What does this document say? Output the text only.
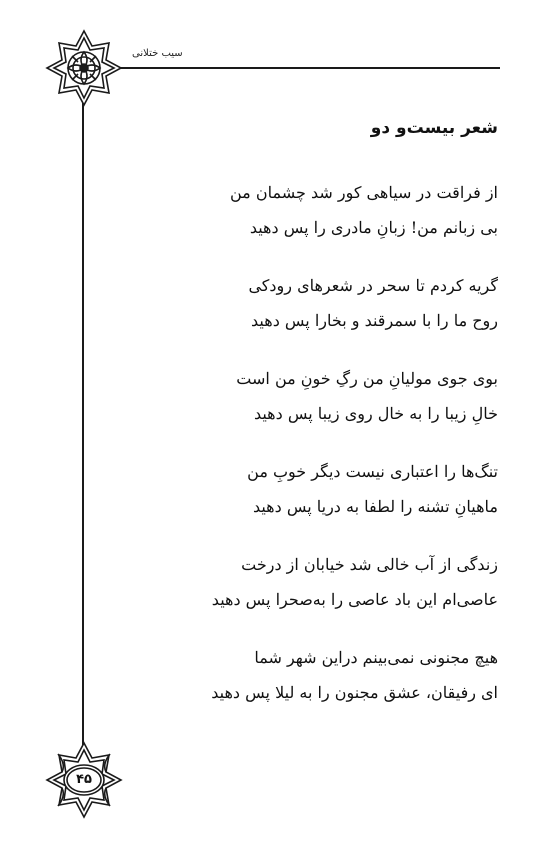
سیب ختلانی
شعر بیست‌و دو
از فراقت در سیاهی کور شد چشمان من
بی زبانم من! زبانِ مادری را پس دهید
گریه کردم تا سحر در شعرهای رودکی
روح ما را با سمرقند و بخارا پس دهید
بوی جوی مولیانِ من رگِ خونِ من است
خالِ زیبا را به خال روی زیبا پس دهید
تنگ‌ها را اعتباری نیست دیگر خوبِ من
ماهیانِ تشنه را لطفا به دریا پس دهید
زندگی از آب خالی شد خیابان از درخت
عاصی‌ام این باد عاصی را به‌صحرا پس دهید
هیچ مجنونی نمی‌بینم دراین شهر شما
ای رفیقان، عشق مجنون را به لیلا پس دهید
۴۵
